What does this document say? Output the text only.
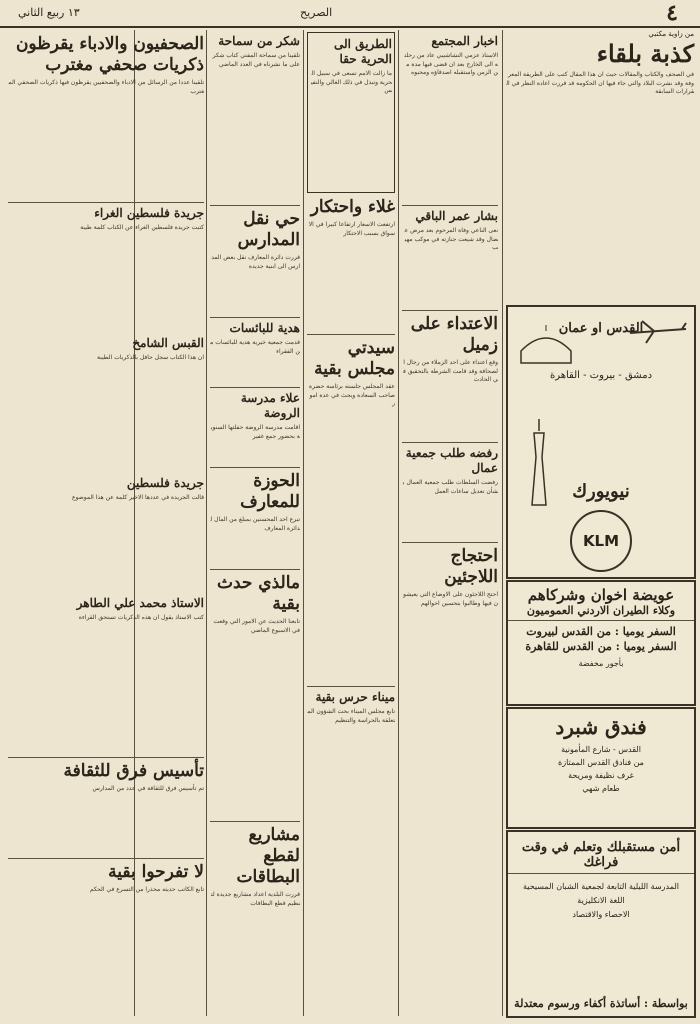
١٣ ربيع الثاني	الصريح	٤
من زاوية مكتبي
كذبة بلقاء
في الصحف والكتاب والمقالات حيث ان هذا المقال كتب على الطريقة المعروفة وقد نشرت البلاد والتي جاء فيها ان الحكومة قد قررت اعادة النظر في القرارات السابقة
القدس او عمان
دمشق - بيروت - القاهرة
نيويورك
KLM
عويضة اخوان وشركاهم
وكلاء الطيران الاردني العموميون
السفر يوميا : من القدس لبيروت
السفر يوميا : من القدس للقاهرة
بأجور مخفضة
فندق شبرد
القدس - شارع المأمونية
من فنادق القدس الممتازة
غرف نظيفة ومريحة
طعام شهي
أمن مستقبلك وتعلم في وقت فراغك
المدرسة الليلية التابعة لجمعية الشبان المسيحية
اللغة الانكليزية
الاحصاء والاقتصاد
بواسطة : أساتذة أكفاء ورسوم معتدلة
اخبار المجتمع
الاستاذ عزمي النشاشيبي عاد من رحلته الى الخارج بعد ان قضى فيها مدة من الزمن واستقبله اصدقاؤه ومحبوه
بشار عمر الباقي
نعى الناعي وفاة المرحوم بعد مرض عضال وقد شيعت جنازته في موكب مهيب
الاعتداء على زميل
وقع اعتداء على احد الزملاء من رجال الصحافة وقد قامت الشرطة بالتحقيق في الحادث
رفضه طلب جمعية عمال
رفضت السلطات طلب جمعية العمال بشأن تعديل ساعات العمل
احتجاج اللاجئين
احتج اللاجئون على الاوضاع التي يعيشون فيها وطالبوا بتحسين احوالهم
الطريق الى الحرية حقا
ما زالت الامم تسعى في سبيل الحرية وتبذل في ذلك الغالي والنفيس
غلاء واحتكار
ارتفعت الاسعار ارتفاعا كبيرا في الاسواق بسبب الاحتكار
سيدتي مجلس بقية
عقد المجلس جلسته برئاسة حضرة صاحب السعادة وبحث في عدة امور
ميناء حرس بقية
تابع مجلس الميناء بحث الشؤون المتعلقة بالحراسة والتنظيم
شكر من سماحة
تلقينا من سماحة المفتي كتاب شكر على ما نشرناه في العدد الماضي
حي نقل المدارس
قررت دائرة المعارف نقل بعض المدارس الى ابنية جديدة
هدية للبائسات
قدمت جمعية خيرية هدية للبائسات من الفقراء
علاء مدرسة الروضة
اقامت مدرسة الروضة حفلتها السنوية بحضور جمع غفير
الحوزة للمعارف
تبرع احد المحسنين بمبلغ من المال لدائرة المعارف
مالذي حدث بقية
تابعنا الحديث عن الامور التي وقعت في الاسبوع الماضي
مشاريع لقطع البطاقات
قررت البلدية اعداد مشاريع جديدة لتنظيم قطع البطاقات
الصحفيون والادباء يقرظون ذكريات صحفي مغترب
تلقينا عددا من الرسائل من الادباء والصحفيين يقرظون فيها ذكريات الصحفي المغترب
جريدة فلسطين الغراء
كتبت جريدة فلسطين الغراء عن الكتاب كلمة طيبة
القبس الشامخ
ان هذا الكتاب سجل حافل بالذكريات الطيبة
جريدة فلسطين
قالت الجريدة في عددها الاخير كلمة عن هذا الموضوع
الاستاذ محمد علي الطاهر
كتب الاستاذ يقول ان هذه الذكريات تستحق القراءة
تأسيس فرق للثقافة
تم تأسيس فرق للثقافة في عدد من المدارس
لا تفرحوا بقية
تابع الكاتب حديثه محذرا من التسرع في الحكم
